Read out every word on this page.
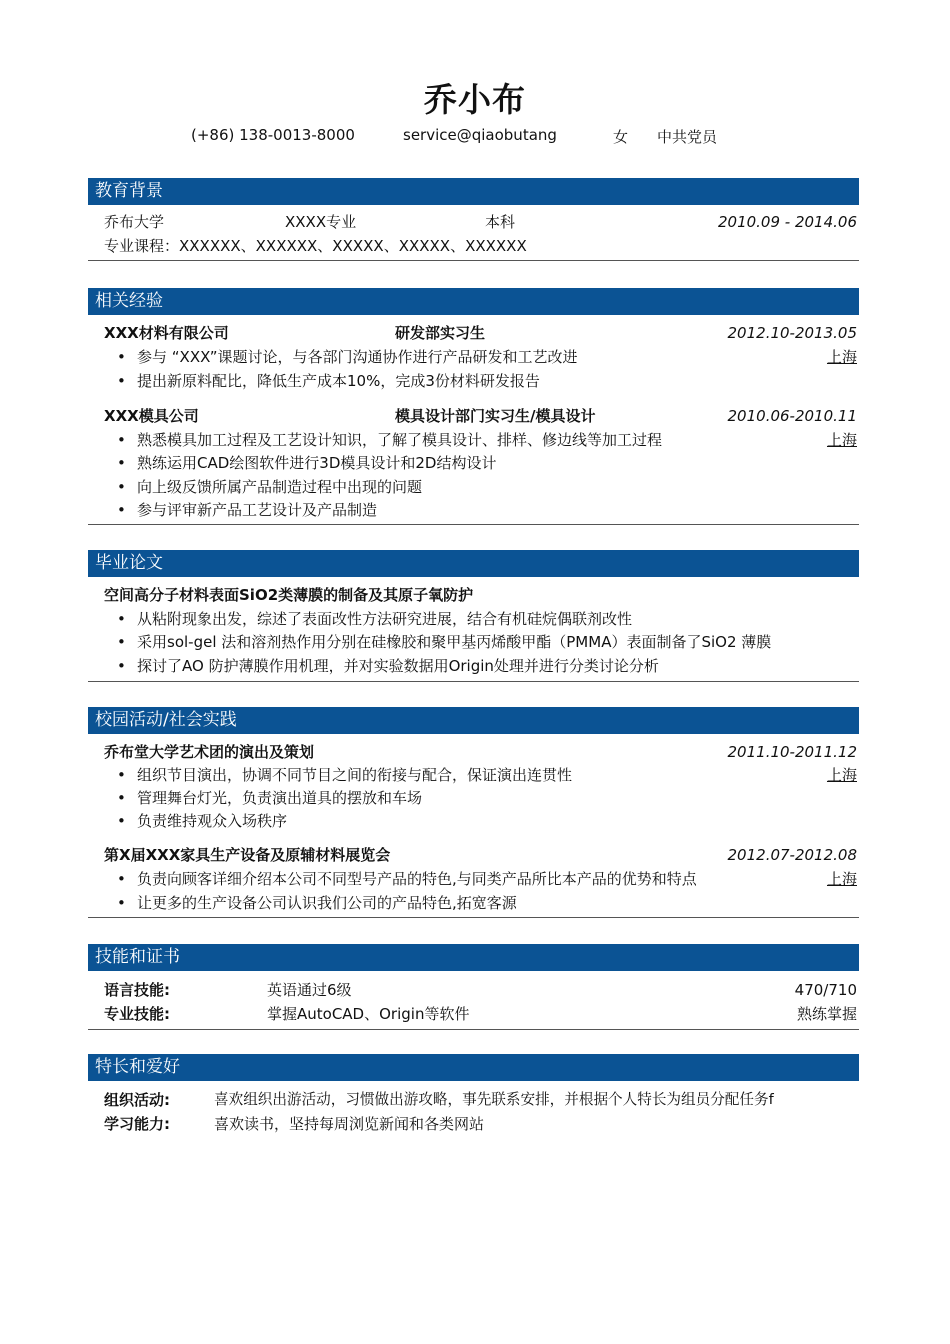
乔小布
(+86) 138-0013-8000	service@qiaobutang	女 中共党员
教育背景
乔布大学	XXXX专业	本科	2010.09 - 2014.06
专业课程：XXXXXX、XXXXXX、XXXXX、XXXXX、XXXXXX
相关经验
XXX材料有限公司	研发部实习生	2012.10-2013.05
• 参与 “XXX”课题讨论，与各部门沟通协作进行产品研发和工艺改进	上海
• 提出新原料配比，降低生产成本10%，完成3份材料研发报告
XXX模具公司	模具设计部门实习生/模具设计	2010.06-2010.11
• 熟悉模具加工过程及工艺设计知识，了解了模具设计、排样、修边线等加工过程	上海
• 熟练运用CAD绘图软件进行3D模具设计和2D结构设计
• 向上级反馈所属产品制造过程中出现的问题
• 参与评审新产品工艺设计及产品制造
毕业论文
空间高分子材料表面SiO2类薄膜的制备及其原子氧防护
• 从粘附现象出发，综述了表面改性方法研究进展，结合有机硅烷偶联剂改性
• 采用sol-gel 法和溶剂热作用分别在硅橡胶和聚甲基丙烯酸甲酯（PMMA）表面制备了SiO2 薄膜
• 探讨了AO 防护薄膜作用机理，并对实验数据用Origin处理并进行分类讨论分析
校园活动/社会实践
乔布堂大学艺术团的演出及策划	2011.10-2011.12
• 组织节目演出，协调不同节目之间的衔接与配合，保证演出连贯性	上海
• 管理舞台灯光，负责演出道具的摆放和车场
• 负责维持观众入场秩序
第X届XXX家具生产设备及原辅材料展览会	2012.07-2012.08
• 负责向顾客详细介绍本公司不同型号产品的特色,与同类产品所比本产品的优势和特点	上海
• 让更多的生产设备公司认识我们公司的产品特色,拓宽客源
技能和证书
语言技能:	英语通过6级	470/710
专业技能:	掌握AutoCAD、Origin等软件	熟练掌握
特长和爱好
组织活动:	喜欢组织出游活动，习惯做出游攻略，事先联系安排，并根据个人特长为组员分配任务f
学习能力:	喜欢读书，坚持每周浏览新闻和各类网站
